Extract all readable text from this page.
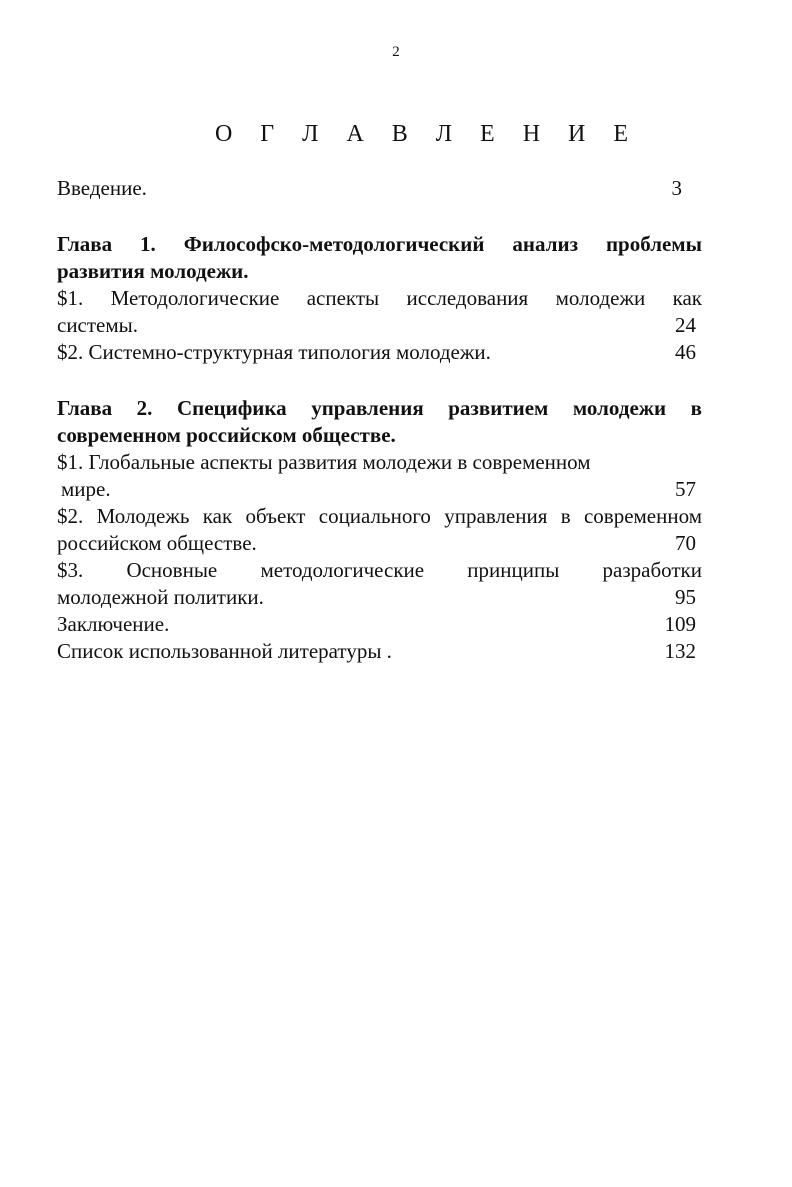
2
О Г Л А В Л Е Н И Е
Введение.	3
Глава 1. Философско-методологический анализ проблемы
развития молодежи.
$1. Методологические аспекты исследования молодежи как
системы.	24
$2. Системно-структурная типология молодежи.	46
Глава 2. Специфика управления развитием молодежи в
современном российском обществе.
$1. Глобальные аспекты развития молодежи в современном
мире.	57
$2. Молодежь как объект социального управления в современном
российском обществе.	70
$3. Основные методологические принципы разработки
молодежной политики.	95
Заключение.	109
Список использованной литературы .	132
